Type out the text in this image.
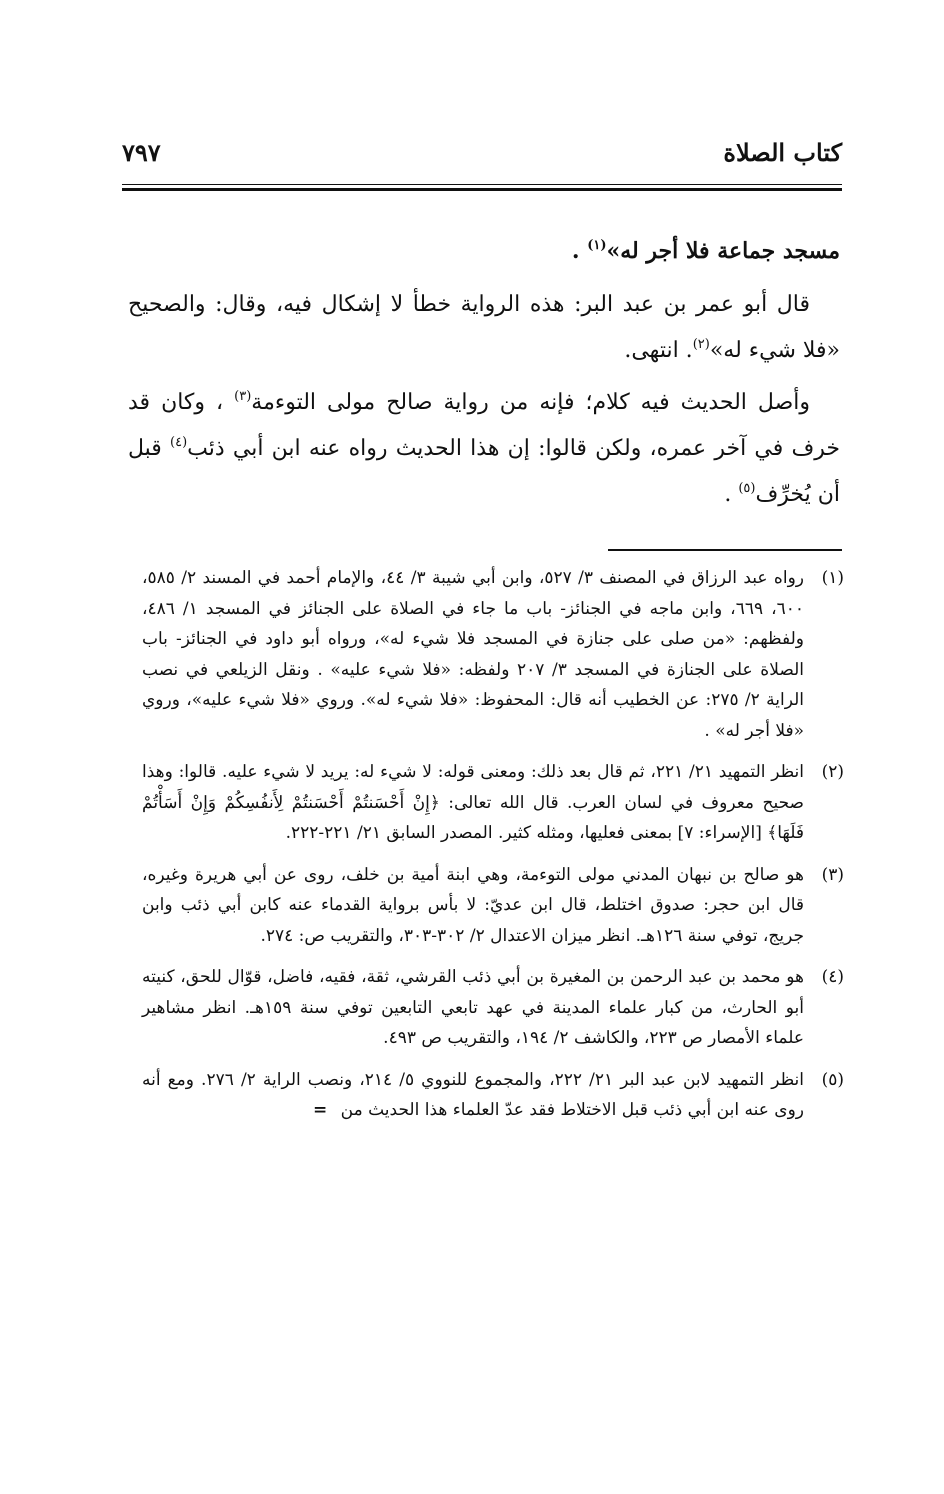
كتاب الصلاة
٧٩٧

مسجد جماعة فلا أجر له»$^{(١)}$ .

قال أبو عمر بن عبد البر: هذه الرواية خطأ لا إشكال فيه، وقال: والصحيح «فلا شيء له»$^{(٢)}$. انتهى.

وأصل الحديث فيه كلام؛ فإنه من رواية صالح مولى التوءمة$^{(٣)}$ ، وكان قد خرف في آخر عمره، ولكن قالوا: إن هذا الحديث رواه عنه ابن أبي ذئب$^{(٤)}$ قبل أن يُخرِّف$^{(٥)}$ .

(١)
رواه عبد الرزاق في المصنف ٣/ ٥٢٧، وابن أبي شيبة ٣/ ٤٤، والإمام أحمد في المسند ٢/ ٥٨٥، ٦٠٠، ٦٦٩، وابن ماجه في الجنائز- باب ما جاء في الصلاة على الجنائز في المسجد ١/ ٤٨٦، ولفظهم: «من صلى على جنازة في المسجد فلا شيء له»، ورواه أبو داود في الجنائز- باب الصلاة على الجنازة في المسجد ٣/ ٢٠٧ ولفظه: «فلا شيء عليه» . ونقل الزيلعي في نصب الراية ٢/ ٢٧٥: عن الخطيب أنه قال: المحفوظ: «فلا شيء له». وروي «فلا شيء عليه»، وروي «فلا أجر له» .
(٢)
انظر التمهيد ٢١/ ٢٢١، ثم قال بعد ذلك: ومعنى قوله: لا شيء له: يريد لا شيء عليه. قالوا: وهذا صحيح معروف في لسان العرب. قال الله تعالى: ﴿إِنْ أَحْسَنتُمْ أَحْسَنتُمْ لِأَنفُسِكُمْ وَإِنْ أَسَأْتُمْ فَلَهَا﴾ [الإسراء: ٧] بمعنى فعليها، ومثله كثير. المصدر السابق ٢١/ ٢٢١-٢٢٢.
(٣)
هو صالح بن نبهان المدني مولى التوءمة، وهي ابنة أمية بن خلف، روى عن أبي هريرة وغيره، قال ابن حجر: صدوق اختلط، قال ابن عديّ: لا بأس برواية القدماء عنه كابن أبي ذئب وابن جريج، توفي سنة ١٢٦هـ. انظر ميزان الاعتدال ٢/ ٣٠٢-٣٠٣، والتقريب ص: ٢٧٤.
(٤)
هو محمد بن عبد الرحمن بن المغيرة بن أبي ذئب القرشي، ثقة، فقيه، فاضل، قوّال للحق، كنيته أبو الحارث، من كبار علماء المدينة في عهد تابعي التابعين توفي سنة ١٥٩هـ. انظر مشاهير علماء الأمصار ص ٢٢٣، والكاشف ٢/ ١٩٤، والتقريب ص ٤٩٣.
(٥)
انظر التمهيد لابن عبد البر ٢١/ ٢٢٢، والمجموع للنووي ٥/ ٢١٤، ونصب الراية ٢/ ٢٧٦. ومع أنه روى عنه ابن أبي ذئب قبل الاختلاط فقد عدّ العلماء هذا الحديث من =
